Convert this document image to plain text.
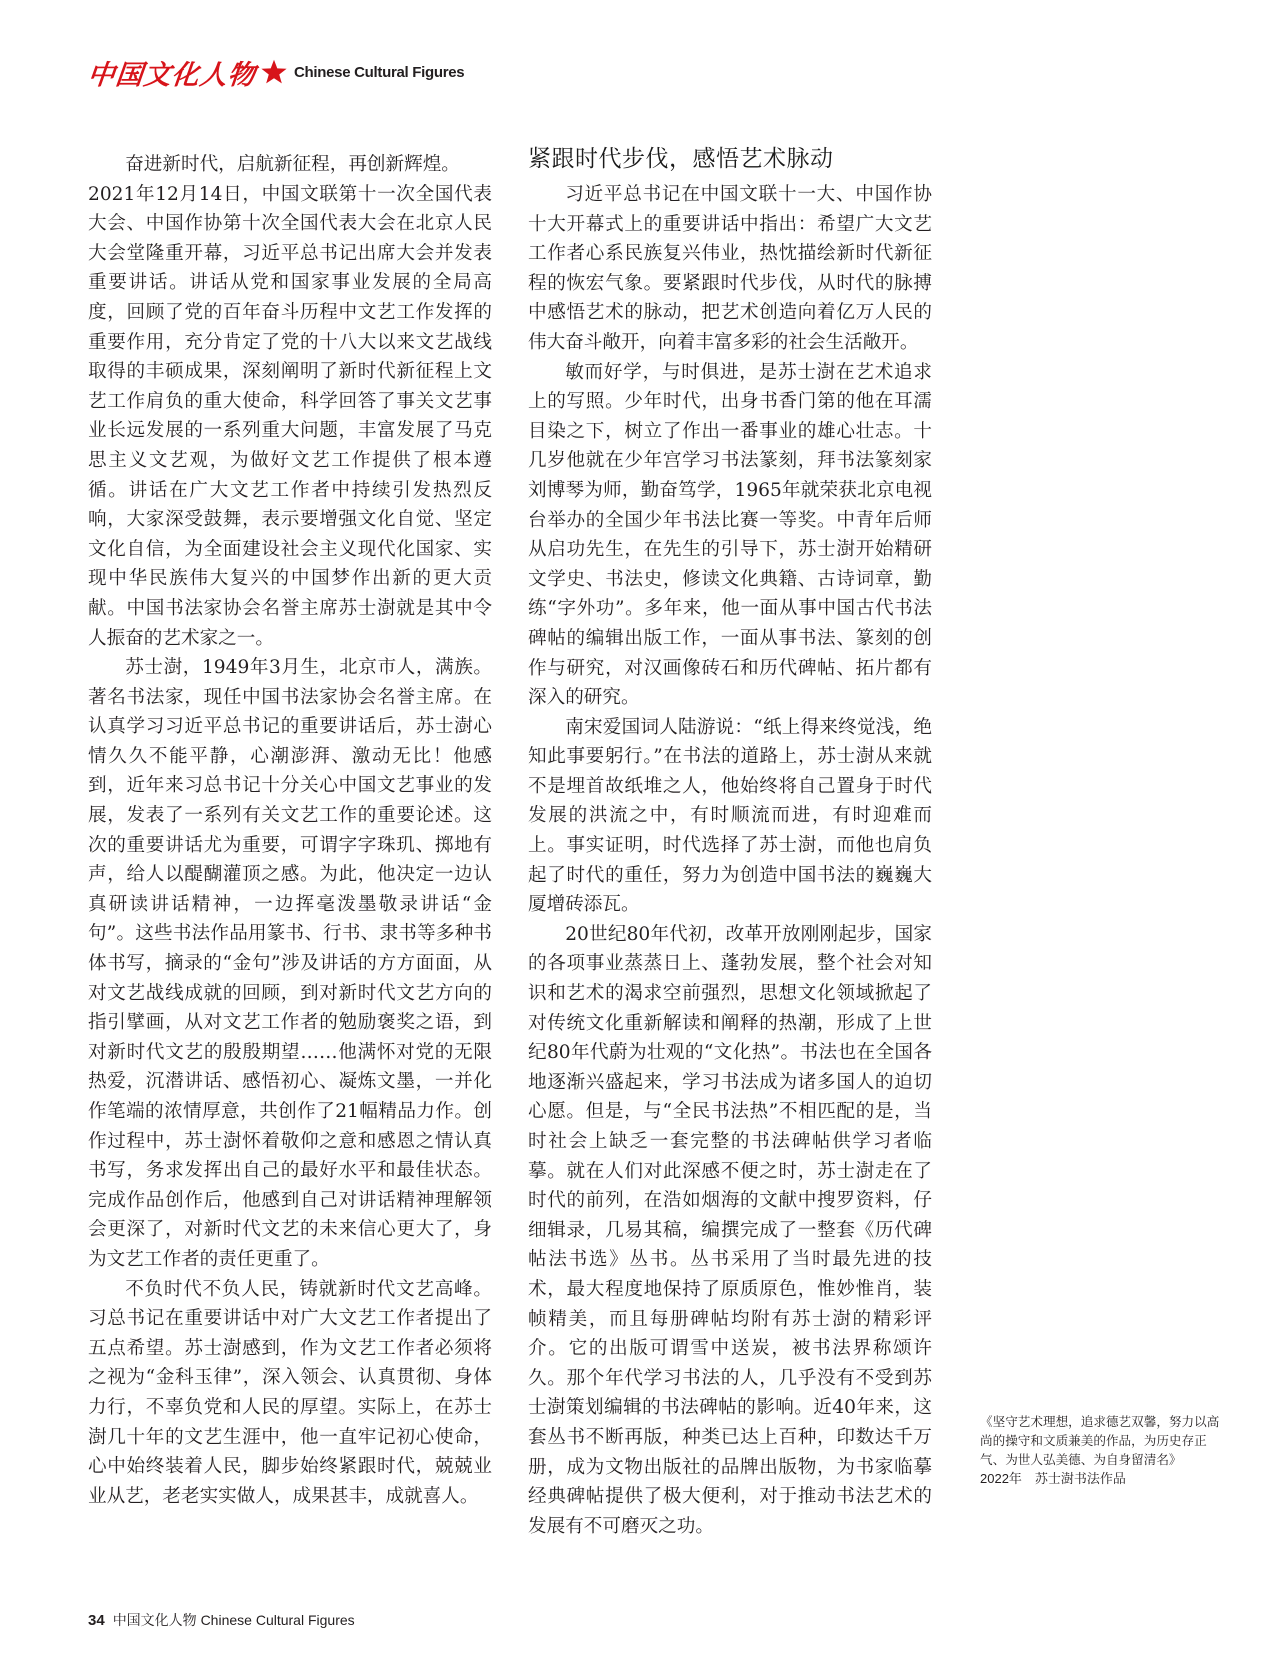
中国文化人物 Chinese Cultural Figures

奋进新时代，启航新征程，再创新辉煌。

2021年12月14日，中国文联第十一次全国代表大会、中国作协第十次全国代表大会在北京人民大会堂隆重开幕，习近平总书记出席大会并发表重要讲话。讲话从党和国家事业发展的全局高度，回顾了党的百年奋斗历程中文艺工作发挥的重要作用，充分肯定了党的十八大以来文艺战线取得的丰硕成果，深刻阐明了新时代新征程上文艺工作肩负的重大使命，科学回答了事关文艺事业长远发展的一系列重大问题，丰富发展了马克思主义文艺观，为做好文艺工作提供了根本遵循。讲话在广大文艺工作者中持续引发热烈反响，大家深受鼓舞，表示要增强文化自觉、坚定文化自信，为全面建设社会主义现代化国家、实现中华民族伟大复兴的中国梦作出新的更大贡献。中国书法家协会名誉主席苏士澍就是其中令人振奋的艺术家之一。

苏士澍，1949年3月生，北京市人，满族。著名书法家，现任中国书法家协会名誉主席。在认真学习习近平总书记的重要讲话后，苏士澍心情久久不能平静，心潮澎湃、激动无比！他感到，近年来习总书记十分关心中国文艺事业的发展，发表了一系列有关文艺工作的重要论述。这次的重要讲话尤为重要，可谓字字珠玑、掷地有声，给人以醍醐灌顶之感。为此，他决定一边认真研读讲话精神，一边挥毫泼墨敬录讲话“金句”。这些书法作品用篆书、行书、隶书等多种书体书写，摘录的“金句”涉及讲话的方方面面，从对文艺战线成就的回顾，到对新时代文艺方向的指引擘画，从对文艺工作者的勉励褒奖之语，到对新时代文艺的殷殷期望……他满怀对党的无限热爱，沉潜讲话、感悟初心、凝炼文墨，一并化作笔端的浓情厚意，共创作了21幅精品力作。创作过程中，苏士澍怀着敬仰之意和感恩之情认真书写，务求发挥出自己的最好水平和最佳状态。完成作品创作后，他感到自己对讲话精神理解领会更深了，对新时代文艺的未来信心更大了，身为文艺工作者的责任更重了。

不负时代不负人民，铸就新时代文艺高峰。习总书记在重要讲话中对广大文艺工作者提出了五点希望。苏士澍感到，作为文艺工作者必须将之视为“金科玉律”，深入领会、认真贯彻、身体力行，不辜负党和人民的厚望。实际上，在苏士澍几十年的文艺生涯中，他一直牢记初心使命，心中始终装着人民，脚步始终紧跟时代，兢兢业业从艺，老老实实做人，成果甚丰，成就喜人。

紧跟时代步伐，感悟艺术脉动

习近平总书记在中国文联十一大、中国作协十大开幕式上的重要讲话中指出：希望广大文艺工作者心系民族复兴伟业，热忱描绘新时代新征程的恢宏气象。要紧跟时代步伐，从时代的脉搏中感悟艺术的脉动，把艺术创造向着亿万人民的伟大奋斗敞开，向着丰富多彩的社会生活敞开。

敏而好学，与时俱进，是苏士澍在艺术追求上的写照。少年时代，出身书香门第的他在耳濡目染之下，树立了作出一番事业的雄心壮志。十几岁他就在少年宫学习书法篆刻，拜书法篆刻家刘博琴为师，勤奋笃学，1965年就荣获北京电视台举办的全国少年书法比赛一等奖。中青年后师从启功先生，在先生的引导下，苏士澍开始精研文学史、书法史，修读文化典籍、古诗词章，勤练“字外功”。多年来，他一面从事中国古代书法碑帖的编辑出版工作，一面从事书法、篆刻的创作与研究，对汉画像砖石和历代碑帖、拓片都有深入的研究。

南宋爱国词人陆游说：“纸上得来终觉浅，绝知此事要躬行。”在书法的道路上，苏士澍从来就不是埋首故纸堆之人，他始终将自己置身于时代发展的洪流之中，有时顺流而进，有时迎难而上。事实证明，时代选择了苏士澍，而他也肩负起了时代的重任，努力为创造中国书法的巍巍大厦增砖添瓦。

20世纪80年代初，改革开放刚刚起步，国家的各项事业蒸蒸日上、蓬勃发展，整个社会对知识和艺术的渴求空前强烈，思想文化领域掀起了对传统文化重新解读和阐释的热潮，形成了上世纪80年代蔚为壮观的“文化热”。书法也在全国各地逐渐兴盛起来，学习书法成为诸多国人的迫切心愿。但是，与“全民书法热”不相匹配的是，当时社会上缺乏一套完整的书法碑帖供学习者临摹。就在人们对此深感不便之时，苏士澍走在了时代的前列，在浩如烟海的文献中搜罗资料，仔细辑录，几易其稿，编撰完成了一整套《历代碑帖法书选》丛书。丛书采用了当时最先进的技术，最大程度地保持了原质原色，惟妙惟肖，装帧精美，而且每册碑帖均附有苏士澍的精彩评介。它的出版可谓雪中送炭，被书法界称颂许久。那个年代学习书法的人，几乎没有不受到苏士澍策划编辑的书法碑帖的影响。近40年来，这套丛书不断再版，种类已达上百种，印数达千万册，成为文物出版社的品牌出版物，为书家临摹经典碑帖提供了极大便利，对于推动书法艺术的发展有不可磨灭之功。

《坚守艺术理想，追求德艺双馨，努力以高尚的操守和文质兼美的作品，为历史存正气、为世人弘美德、为自身留清名》
2022年　苏士澍书法作品
34 中国文化人物 Chinese Cultural Figures
